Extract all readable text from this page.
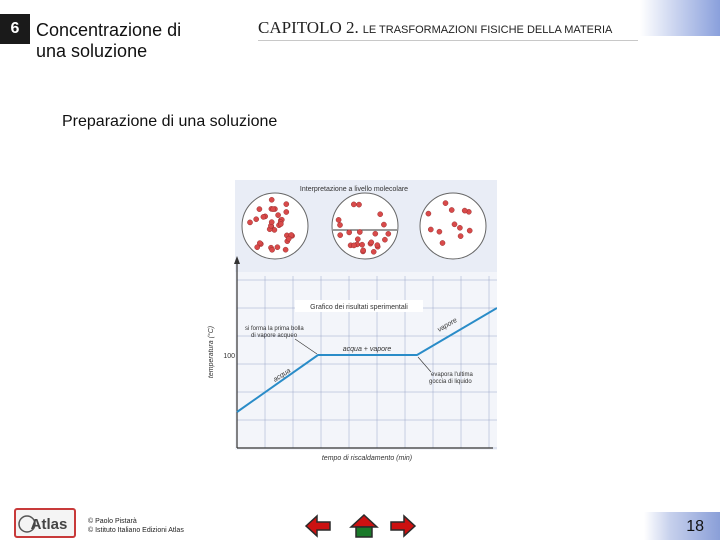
6 Concentrazione di
una soluzione
CAPITOLO 2. LE TRASFORMAZIONI FISICHE DELLA MATERIA
Preparazione di una soluzione
Interpretazione a livello molecolare
Grafico dei risultati sperimentali
temperatura (°C) 100
tempo di riscaldamento (min)
acqua
acqua + vapore
vapore
si forma la prima bolla
di vapore acqueo
evapora l'ultima
goccia di liquido
Atlas	© Paolo Pistarà
© Istituto Italiano Edizioni Atlas	18
